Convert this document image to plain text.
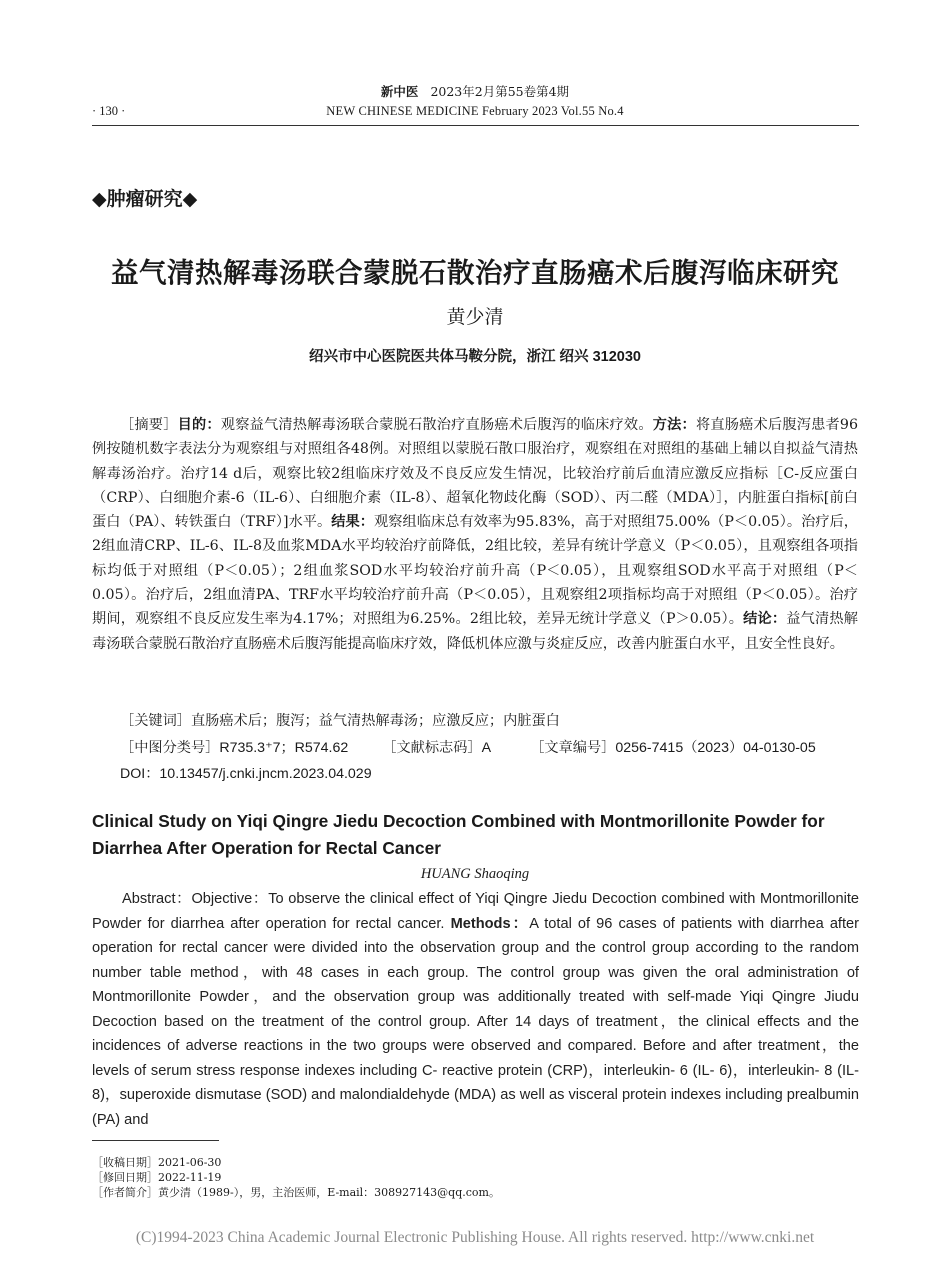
新中医 2023年2月第55卷第4期
· 130 ·	NEW CHINESE MEDICINE February 2023 Vol.55 No.4
◆肿瘤研究◆
益气清热解毒汤联合蒙脱石散治疗直肠癌术后腹泻临床研究
黄少清
绍兴市中心医院医共体马鞍分院，浙江 绍兴 312030

［摘要］目的：观察益气清热解毒汤联合蒙脱石散治疗直肠癌术后腹泻的临床疗效。方法：将直肠癌术后腹泻患者96例按随机数字表法分为观察组与对照组各48例。对照组以蒙脱石散口服治疗，观察组在对照组的基础上辅以自拟益气清热解毒汤治疗。治疗14 d后，观察比较2组临床疗效及不良反应发生情况，比较治疗前后血清应激反应指标［C-反应蛋白（CRP）、白细胞介素-6（IL-6）、白细胞介素（IL-8）、超氧化物歧化酶（SOD）、丙二醛（MDA）］，内脏蛋白指标[前白蛋白（PA）、转铁蛋白（TRF）]水平。结果：观察组临床总有效率为95.83%，高于对照组75.00%（P＜0.05）。治疗后，2组血清CRP、IL-6、IL-8及血浆MDA水平均较治疗前降低，2组比较，差异有统计学意义（P＜0.05），且观察组各项指标均低于对照组（P＜0.05）；2组血浆SOD水平均较治疗前升高（P＜0.05），且观察组SOD水平高于对照组（P＜0.05）。治疗后，2组血清PA、TRF水平均较治疗前升高（P＜0.05），且观察组2项指标均高于对照组（P＜0.05）。治疗期间，观察组不良反应发生率为4.17%；对照组为6.25%。2组比较，差异无统计学意义（P＞0.05）。结论：益气清热解毒汤联合蒙脱石散治疗直肠癌术后腹泻能提高临床疗效，降低机体应激与炎症反应，改善内脏蛋白水平，且安全性良好。

［关键词］直肠癌术后；腹泻；益气清热解毒汤；应激反应；内脏蛋白
［中图分类号］R735.3⁺7；R574.62 ［文献标志码］A	［文章编号］0256-7415（2023）04-0130-05
DOI：10.13457/j.cnki.jncm.2023.04.029
Clinical Study on Yiqi Qingre Jiedu Decoction Combined with Montmorillonite Powder for Diarrhea After Operation for Rectal Cancer
HUANG Shaoqing

Abstract：Objective：To observe the clinical effect of Yiqi Qingre Jiedu Decoction combined with Montmorillonite Powder for diarrhea after operation for rectal cancer. Methods：A total of 96 cases of patients with diarrhea after operation for rectal cancer were divided into the observation group and the control group according to the random number table method，with 48 cases in each group. The control group was given the oral administration of Montmorillonite Powder，and the observation group was additionally treated with self-made Yiqi Qingre Jiudu Decoction based on the treatment of the control group. After 14 days of treatment，the clinical effects and the incidences of adverse reactions in the two groups were observed and compared. Before and after treatment，the levels of serum stress response indexes including C- reactive protein (CRP)，interleukin- 6 (IL- 6)，interleukin- 8 (IL- 8)，superoxide dismutase (SOD) and malondialdehyde (MDA) as well as visceral protein indexes including prealbumin (PA) and

［收稿日期］2021-06-30
［修回日期］2022-11-19
［作者简介］黄少清（1989-），男，主治医师，E-mail：308927143@qq.com。
(C)1994-2023 China Academic Journal Electronic Publishing House. All rights reserved. http://www.cnki.net
